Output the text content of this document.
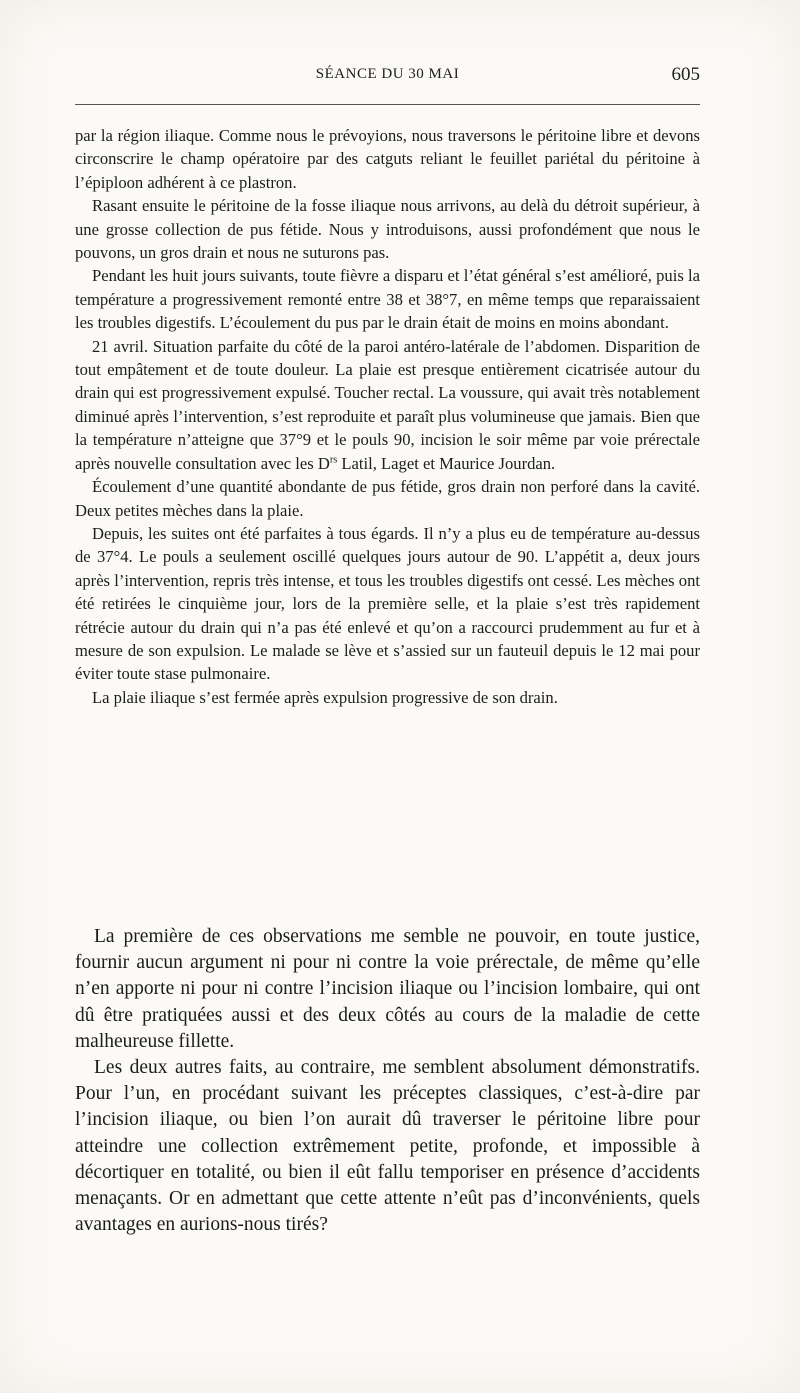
SÉANCE DU 30 MAI	605

par la région iliaque. Comme nous le prévoyions, nous traversons le péritoine libre et devons circonscrire le champ opératoire par des catguts reliant le feuillet pariétal du péritoine à l’épiploon adhérent à ce plastron.

Rasant ensuite le péritoine de la fosse iliaque nous arrivons, au delà du détroit supérieur, à une grosse collection de pus fétide. Nous y introduisons, aussi profondément que nous le pouvons, un gros drain et nous ne suturons pas.

Pendant les huit jours suivants, toute fièvre a disparu et l’état général s’est amélioré, puis la température a progressivement remonté entre 38 et 38°7, en même temps que reparaissaient les troubles digestifs. L’écoulement du pus par le drain était de moins en moins abondant.

21 avril. Situation parfaite du côté de la paroi antéro-latérale de l’abdomen. Disparition de tout empâtement et de toute douleur. La plaie est presque entièrement cicatrisée autour du drain qui est progressivement expulsé. Toucher rectal. La voussure, qui avait très notablement diminué après l’intervention, s’est reproduite et paraît plus volumineuse que jamais. Bien que la température n’atteigne que 37°9 et le pouls 90, incision le soir même par voie prérectale après nouvelle consultation avec les $D^{rs}$ Latil, Laget et Maurice Jourdan.

Écoulement d’une quantité abondante de pus fétide, gros drain non perforé dans la cavité. Deux petites mèches dans la plaie.

Depuis, les suites ont été parfaites à tous égards. Il n’y a plus eu de température au-dessus de 37°4. Le pouls a seulement oscillé quelques jours autour de 90. L’appétit a, deux jours après l’intervention, repris très intense, et tous les troubles digestifs ont cessé. Les mèches ont été retirées le cinquième jour, lors de la première selle, et la plaie s’est très rapidement rétrécie autour du drain qui n’a pas été enlevé et qu’on a raccourci prudemment au fur et à mesure de son expulsion. Le malade se lève et s’assied sur un fauteuil depuis le 12 mai pour éviter toute stase pulmonaire.

La plaie iliaque s’est fermée après expulsion progressive de son drain.

La première de ces observations me semble ne pouvoir, en toute justice, fournir aucun argument ni pour ni contre la voie prérectale, de même qu’elle n’en apporte ni pour ni contre l’incision iliaque ou l’incision lombaire, qui ont dû être pratiquées aussi et des deux côtés au cours de la maladie de cette malheureuse fillette.

Les deux autres faits, au contraire, me semblent absolument démonstratifs. Pour l’un, en procédant suivant les préceptes classiques, c’est-à-dire par l’incision iliaque, ou bien l’on aurait dû traverser le péritoine libre pour atteindre une collection extrêmement petite, profonde, et impossible à décortiquer en totalité, ou bien il eût fallu temporiser en présence d’accidents menaçants. Or en admettant que cette attente n’eût pas d’inconvénients, quels avantages en aurions-nous tirés?
